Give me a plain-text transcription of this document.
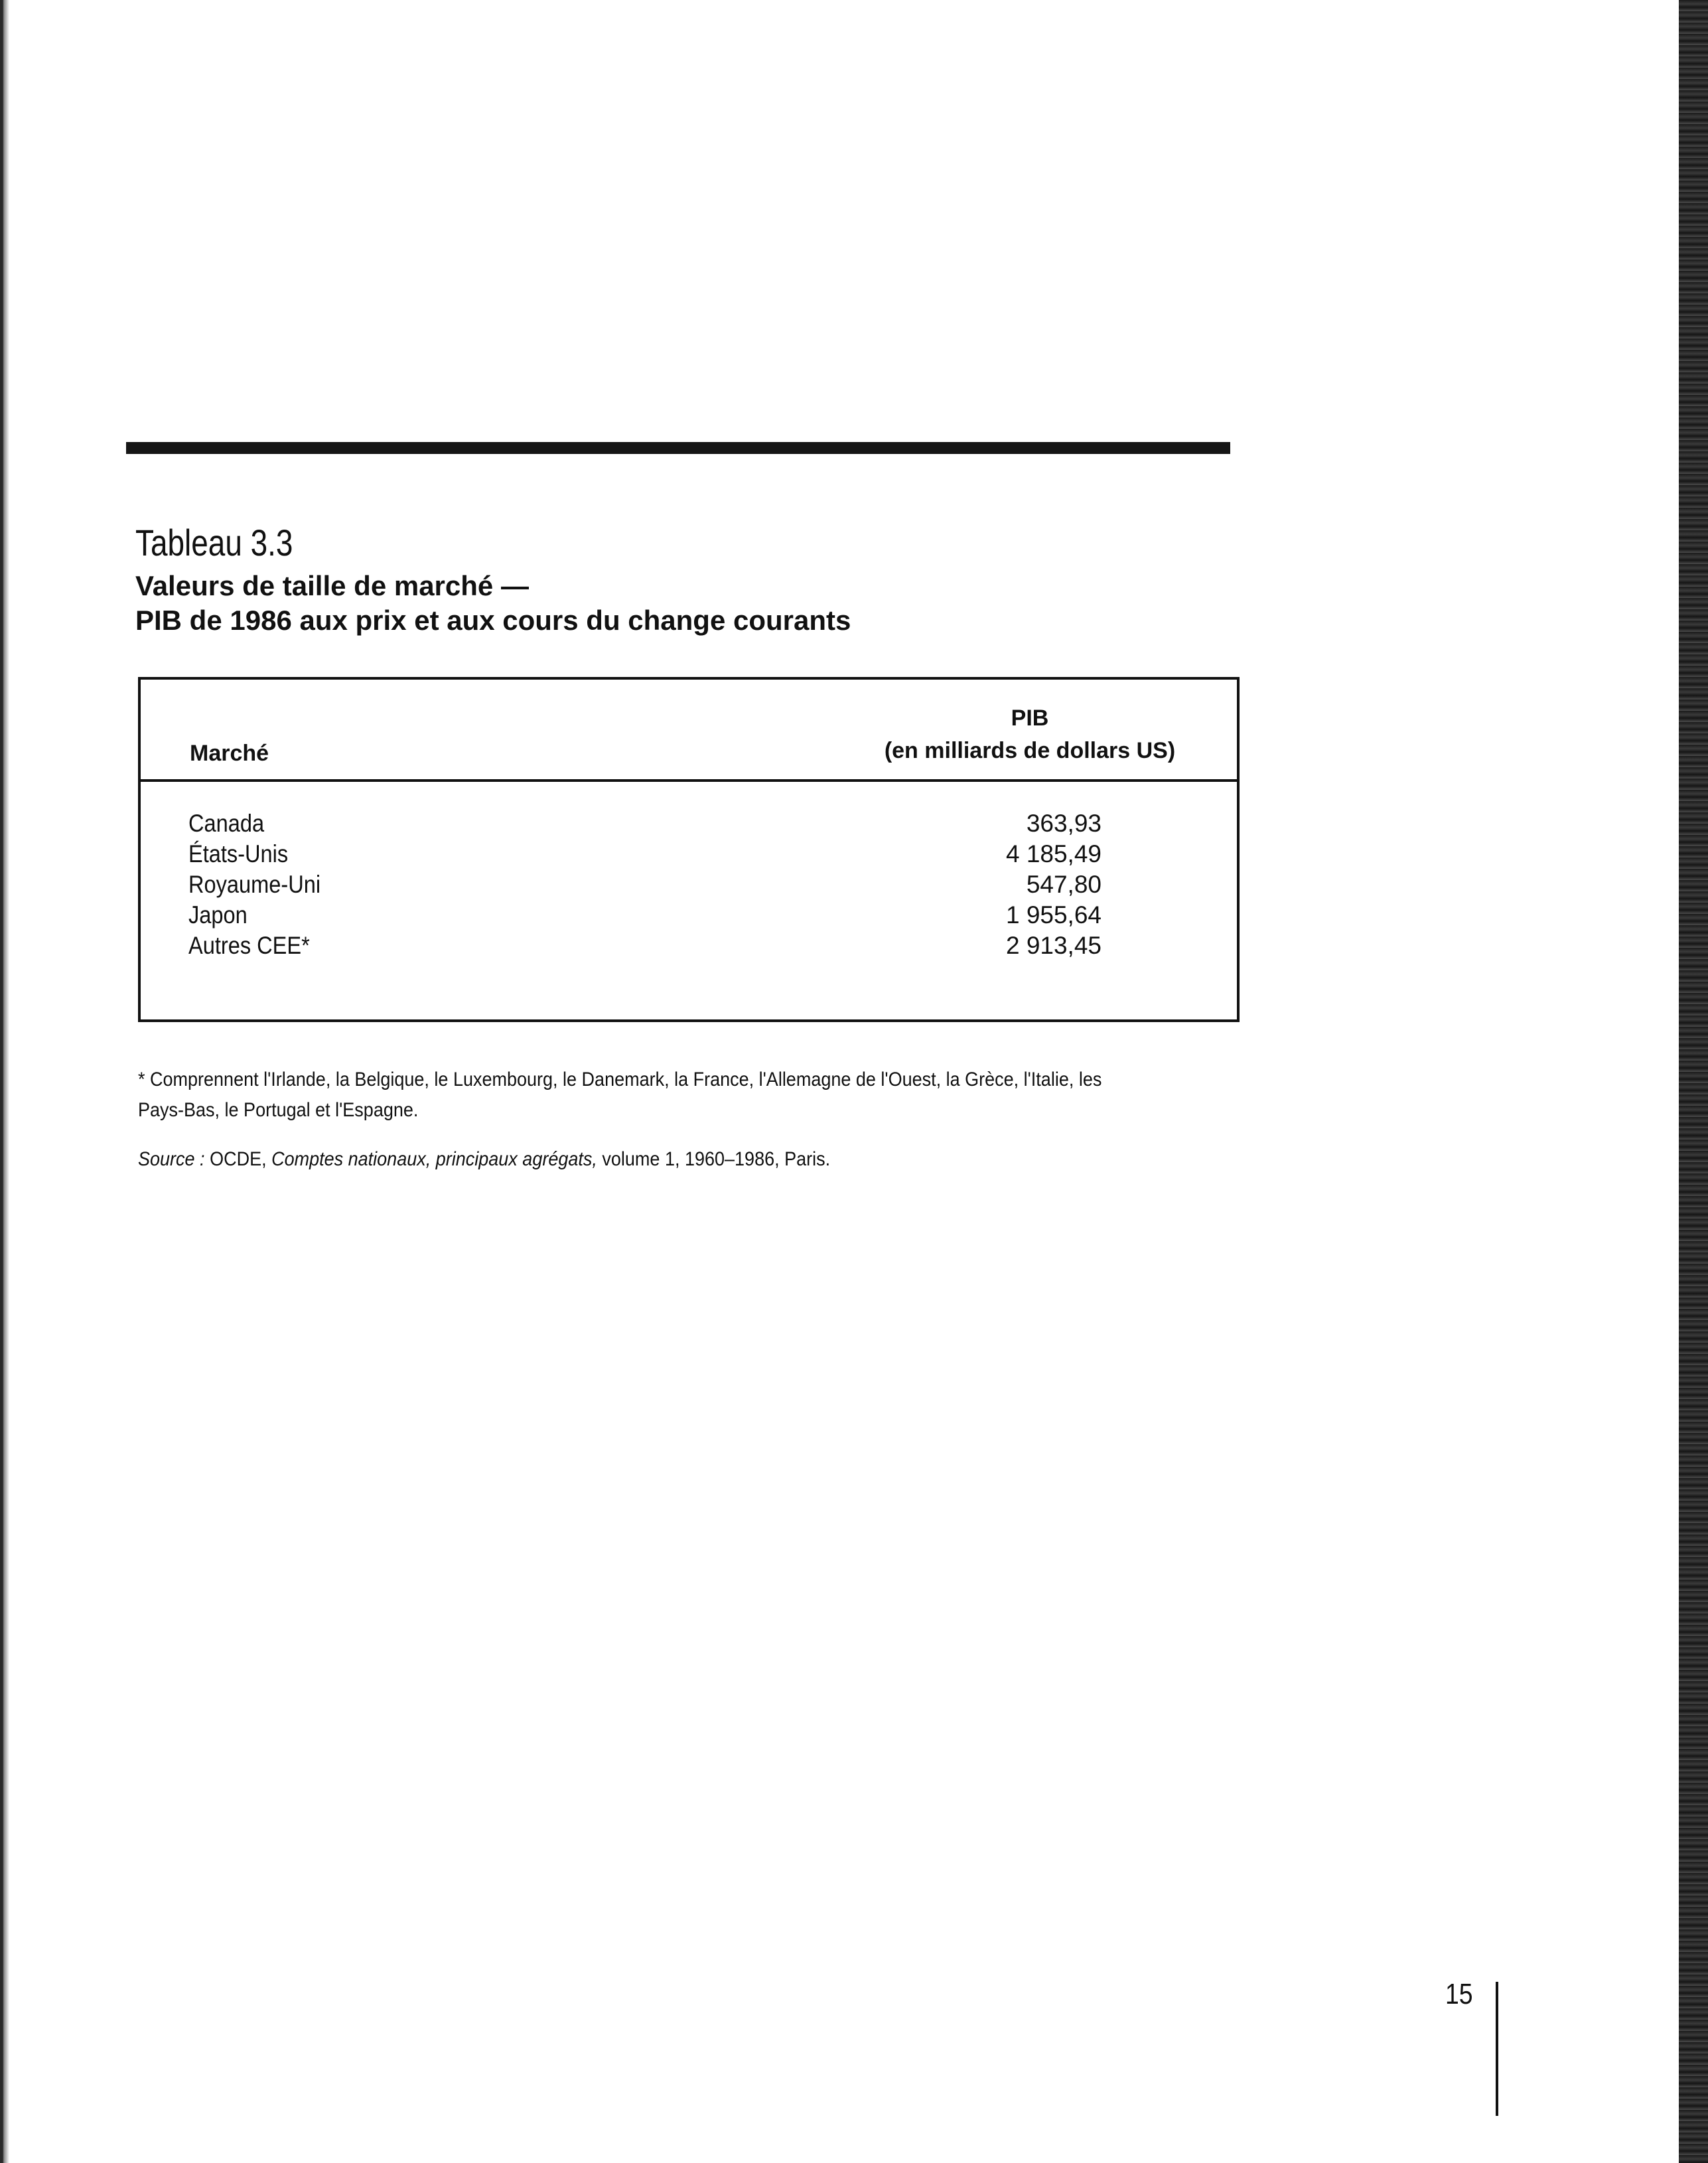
Tableau 3.3
Valeurs de taille de marché —
PIB de 1986 aux prix et aux cours du change courants
Marché
PIB
(en milliards de dollars US)
Canada	363,93
États-Unis	4 185,49
Royaume-Uni	547,80
Japon	1 955,64
Autres CEE*	2 913,45
* Comprennent l'Irlande, la Belgique, le Luxembourg, le Danemark, la France, l'Allemagne de l'Ouest, la Grèce, l'Italie, les Pays-Bas, le Portugal et l'Espagne.
Source : OCDE, Comptes nationaux, principaux agrégats, volume 1, 1960–1986, Paris.
15
